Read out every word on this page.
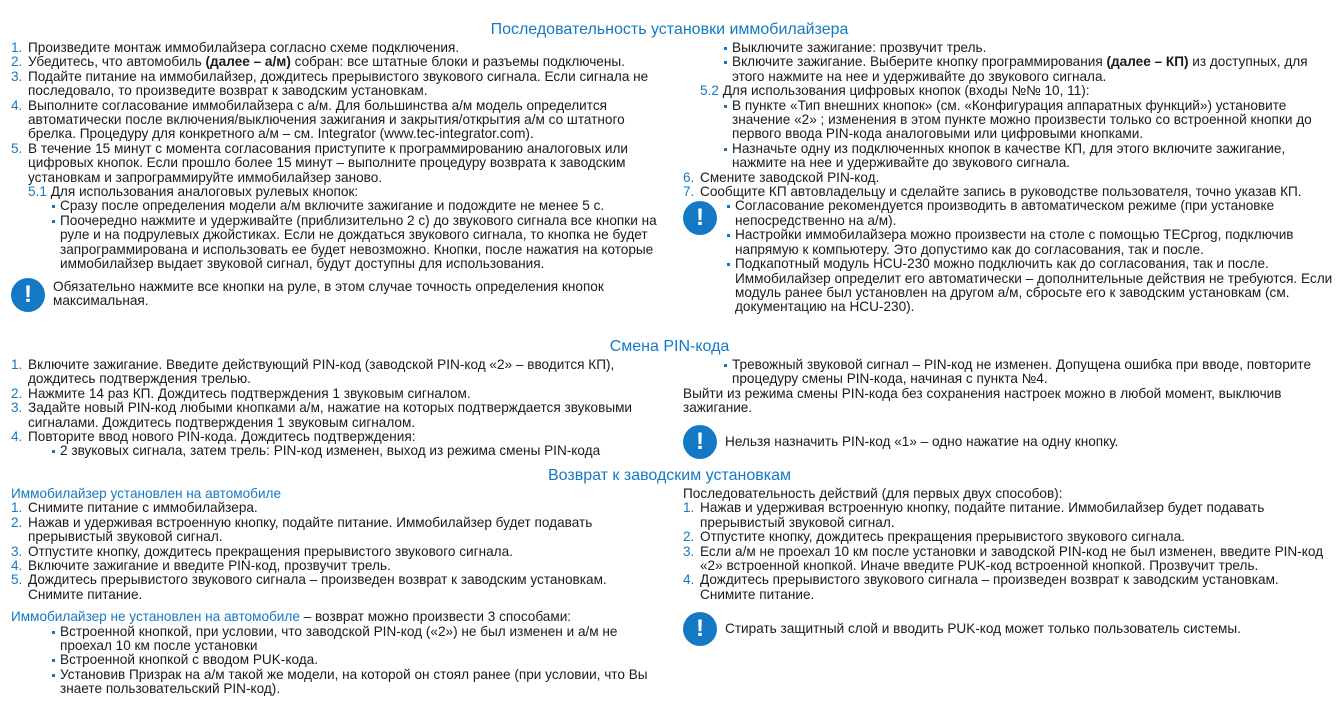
Последовательность установки иммобилайзера
1. Произведите монтаж иммобилайзера согласно схеме подключения.
2. Убедитесь, что автомобиль (далее – а/м) собран: все штатные блоки и разъемы подключены.
3. Подайте питание на иммобилайзер, дождитесь прерывистого звукового сигнала. Если сигнала не последовало, то произведите возврат к заводским установкам.
4. Выполните согласование иммобилайзера с а/м. Для большинства а/м модель определится автоматически после включения/выключения зажигания и закрытия/открытия а/м со штатного брелка. Процедуру для конкретного а/м – см. Integrator (www.tec-integrator.com).
5. В течение 15 минут с момента согласования приступите к программированию аналоговых или цифровых кнопок. Если прошло более 15 минут – выполните процедуру возврата к заводским установкам и запрограммируйте иммобилайзер заново.
5.1 Для использования аналоговых рулевых кнопок:
Сразу после определения модели а/м включите зажигание и подождите не менее 5 с.
Поочередно нажмите и удерживайте (приблизительно 2 с) до звукового сигнала все кнопки на руле и на подрулевых джойстиках. Если не дождаться звукового сигнала, то кнопка не будет запрограммирована и использовать ее будет невозможно. Кнопки, после нажатия на которые иммобилайзер выдает звуковой сигнал, будут доступны для использования.
!	Обязательно нажмите все кнопки на руле, в этом случае точность определения кнопок максимальная.
Выключите зажигание: прозвучит трель.
Включите зажигание. Выберите кнопку программирования (далее – КП) из доступных, для этого нажмите на нее и удерживайте до звукового сигнала.
5.2 Для использования цифровых кнопок (входы №№ 10, 11):
В пункте «Тип внешних кнопок» (см. «Конфигурация аппаратных функций») установите значение «2» ; изменения в этом пункте можно произвести только со встроенной кнопки до первого ввода PIN-кода аналоговыми или цифровыми кнопками.
Назначьте одну из подключенных кнопок в качестве КП, для этого включите зажигание, нажмите на нее и удерживайте до звукового сигнала.
6. Смените заводской PIN-код.
7. Сообщите КП автовладельцу и сделайте запись в руководстве пользователя, точно указав КП.
!	Согласование рекомендуется производить в автоматическом режиме (при установке непосредственно на а/м).
Настройки иммобилайзера можно произвести на столе с помощью TECprog, подключив напрямую к компьютеру. Это допустимо как до согласования, так и после.
Подкапотный модуль HCU-230 можно подключить как до согласования, так и после. Иммобилайзер определит его автоматически – дополнительные действия не требуются. Если модуль ранее был установлен на другом а/м, сбросьте его к заводским установкам (см. документацию на HCU-230).
Смена PIN-кода
1. Включите зажигание. Введите действующий PIN-код (заводской PIN-код «2» – вводится КП), дождитесь подтверждения трелью.
2. Нажмите 14 раз КП. Дождитесь подтверждения 1 звуковым сигналом.
3. Задайте новый PIN-код любыми кнопками а/м, нажатие на которых подтверждается звуковыми сигналами. Дождитесь подтверждения 1 звуковым сигналом.
4. Повторите ввод нового PIN-кода. Дождитесь подтверждения:
2 звуковых сигнала, затем трель: PIN-код изменен, выход из режима смены PIN-кода
Тревожный звуковой сигнал – PIN-код не изменен. Допущена ошибка при вводе, повторите процедуру смены PIN-кода, начиная с пункта №4.
Выйти из режима смены PIN-кода без сохранения настроек можно в любой момент, выключив зажигание.
!	Нельзя назначить PIN-код «1» – одно нажатие на одну кнопку.
Возврат к заводским установкам
Иммобилайзер установлен на автомобиле
1. Снимите питание с иммобилайзера.
2. Нажав и удерживая встроенную кнопку, подайте питание. Иммобилайзер будет подавать прерывистый звуковой сигнал.
3. Отпустите кнопку, дождитесь прекращения прерывистого звукового сигнала.
4. Включите зажигание и введите PIN-код, прозвучит трель.
5. Дождитесь прерывистого звукового сигнала – произведен возврат к заводским установкам. Снимите питание.
Иммобилайзер не установлен на автомобиле – возврат можно произвести 3 способами:
Встроенной кнопкой, при условии, что заводской PIN-код («2») не был изменен и а/м не проехал 10 км после установки
Встроенной кнопкой с вводом PUK-кода.
Установив Призрак на а/м такой же модели, на которой он стоял ранее (при условии, что Вы знаете пользовательский PIN-код).
Последовательность действий (для первых двух способов):
1. Нажав и удерживая встроенную кнопку, подайте питание. Иммобилайзер будет подавать прерывистый звуковой сигнал.
2. Отпустите кнопку, дождитесь прекращения прерывистого звукового сигнала.
3. Если а/м не проехал 10 км после установки и заводской PIN-код не был изменен, введите PIN-код «2» встроенной кнопкой. Иначе введите PUK-код встроенной кнопкой. Прозвучит трель.
4. Дождитесь прерывистого звукового сигнала – произведен возврат к заводским установкам. Снимите питание.
!	Стирать защитный слой и вводить PUK-код может только пользователь системы.
